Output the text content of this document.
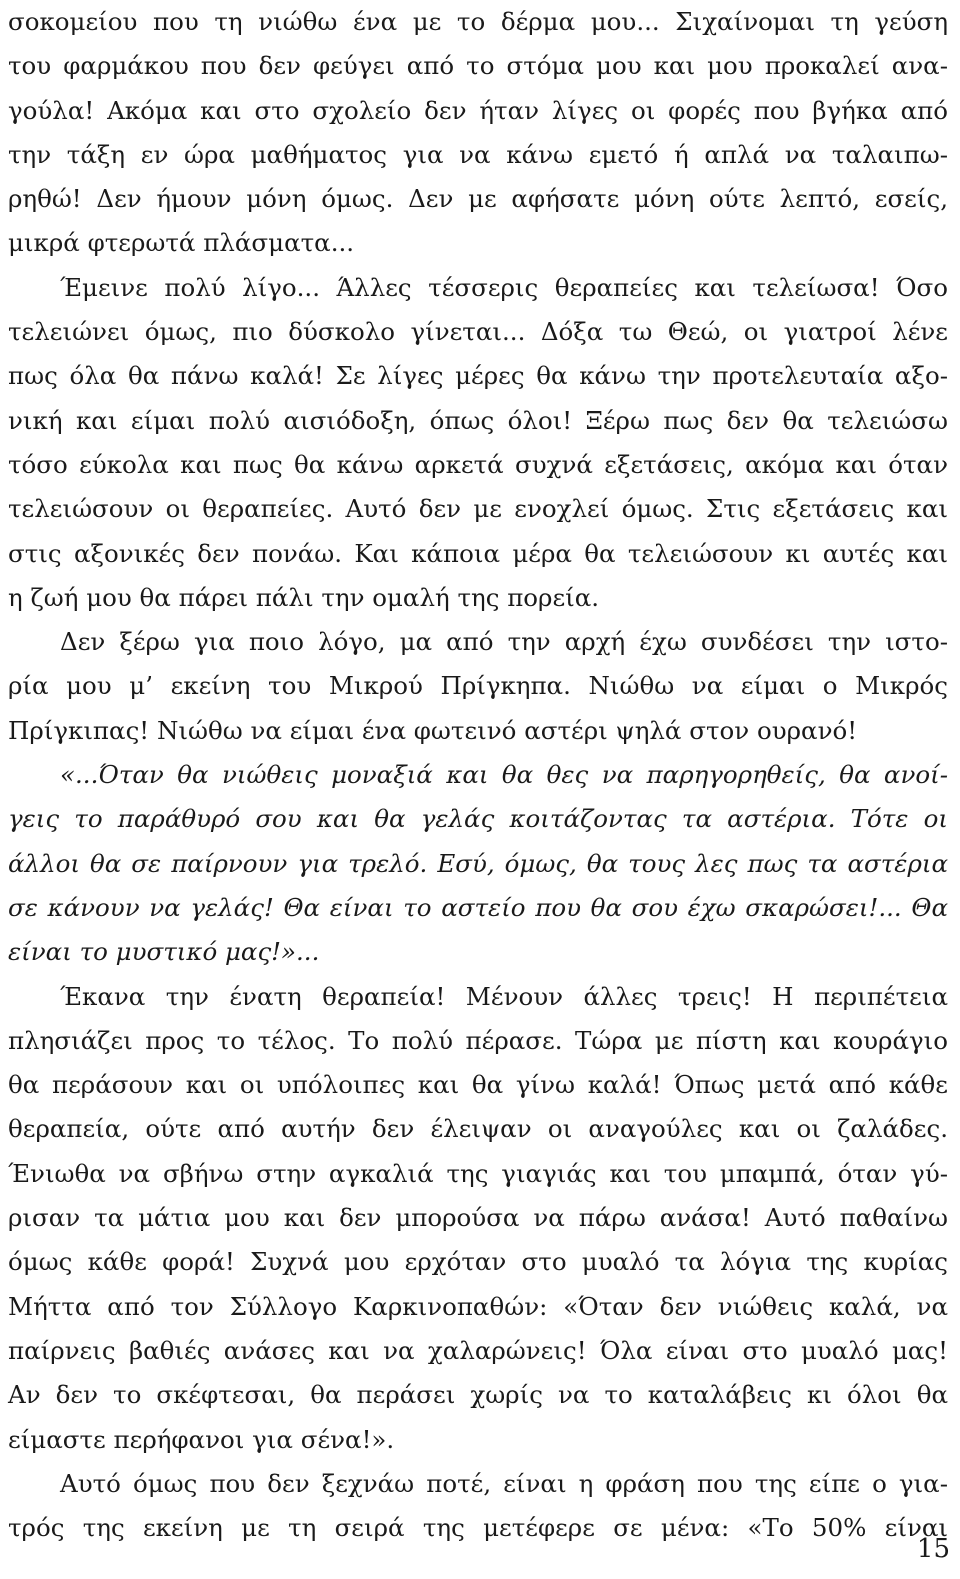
σοκομείου που τη νιώθω ένα με το δέρμα μου... Σιχαίνομαι τη γεύση
του φαρμάκου που δεν φεύγει από το στόμα μου και μου προκαλεί ανα-
γούλα! Ακόμα και στο σχολείο δεν ήταν λίγες οι φορές που βγήκα από
την τάξη εν ώρα μαθήματος για να κάνω εμετό ή απλά να ταλαιπω-
ρηθώ! Δεν ήμουν μόνη όμως. Δεν με αφήσατε μόνη ούτε λεπτό, εσείς,
μικρά φτερωτά πλάσματα...
Έμεινε πολύ λίγο... Άλλες τέσσερις θεραπείες και τελείωσα! Όσο
τελειώνει όμως, πιο δύσκολο γίνεται... Δόξα τω Θεώ, οι γιατροί λένε
πως όλα θα πάνω καλά! Σε λίγες μέρες θα κάνω την προτελευταία αξο-
νική και είμαι πολύ αισιόδοξη, όπως όλοι! Ξέρω πως δεν θα τελειώσω
τόσο εύκολα και πως θα κάνω αρκετά συχνά εξετάσεις, ακόμα και όταν
τελειώσουν οι θεραπείες. Αυτό δεν με ενοχλεί όμως. Στις εξετάσεις και
στις αξονικές δεν πονάω. Και κάποια μέρα θα τελειώσουν κι αυτές και
η ζωή μου θα πάρει πάλι την ομαλή της πορεία.
Δεν ξέρω για ποιο λόγο, μα από την αρχή έχω συνδέσει την ιστο-
ρία μου μ’ εκείνη του Μικρού Πρίγκηπα. Νιώθω να είμαι ο Μικρός
Πρίγκιπας! Νιώθω να είμαι ένα φωτεινό αστέρι ψηλά στον ουρανό!
«...Όταν θα νιώθεις μοναξιά και θα θες να παρηγορηθείς, θα ανοί-
γεις το παράθυρό σου και θα γελάς κοιτάζοντας τα αστέρια. Τότε οι
άλλοι θα σε παίρνουν για τρελό. Εσύ, όμως, θα τους λες πως τα αστέρια
σε κάνουν να γελάς! Θα είναι το αστείο που θα σου έχω σκαρώσει!... Θα
είναι το μυστικό μας!»...
Έκανα την ένατη θεραπεία! Μένουν άλλες τρεις! Η περιπέτεια
πλησιάζει προς το τέλος. Το πολύ πέρασε. Τώρα με πίστη και κουράγιο
θα περάσουν και οι υπόλοιπες και θα γίνω καλά! Όπως μετά από κάθε
θεραπεία, ούτε από αυτήν δεν έλειψαν οι αναγούλες και οι ζαλάδες.
Ένιωθα να σβήνω στην αγκαλιά της γιαγιάς και του μπαμπά, όταν γύ-
ρισαν τα μάτια μου και δεν μπορούσα να πάρω ανάσα! Αυτό παθαίνω
όμως κάθε φορά! Συχνά μου ερχόταν στο μυαλό τα λόγια της κυρίας
Μήττα από τον Σύλλογο Καρκινοπαθών: «Όταν δεν νιώθεις καλά, να
παίρνεις βαθιές ανάσες και να χαλαρώνεις! Όλα είναι στο μυαλό μας!
Αν δεν το σκέφτεσαι, θα περάσει χωρίς να το καταλάβεις κι όλοι θα
είμαστε περήφανοι για σένα!».
Αυτό όμως που δεν ξεχνάω ποτέ, είναι η φράση που της είπε ο για-
τρός της εκείνη με τη σειρά της μετέφερε σε μένα: «Το 50% είναι
15
